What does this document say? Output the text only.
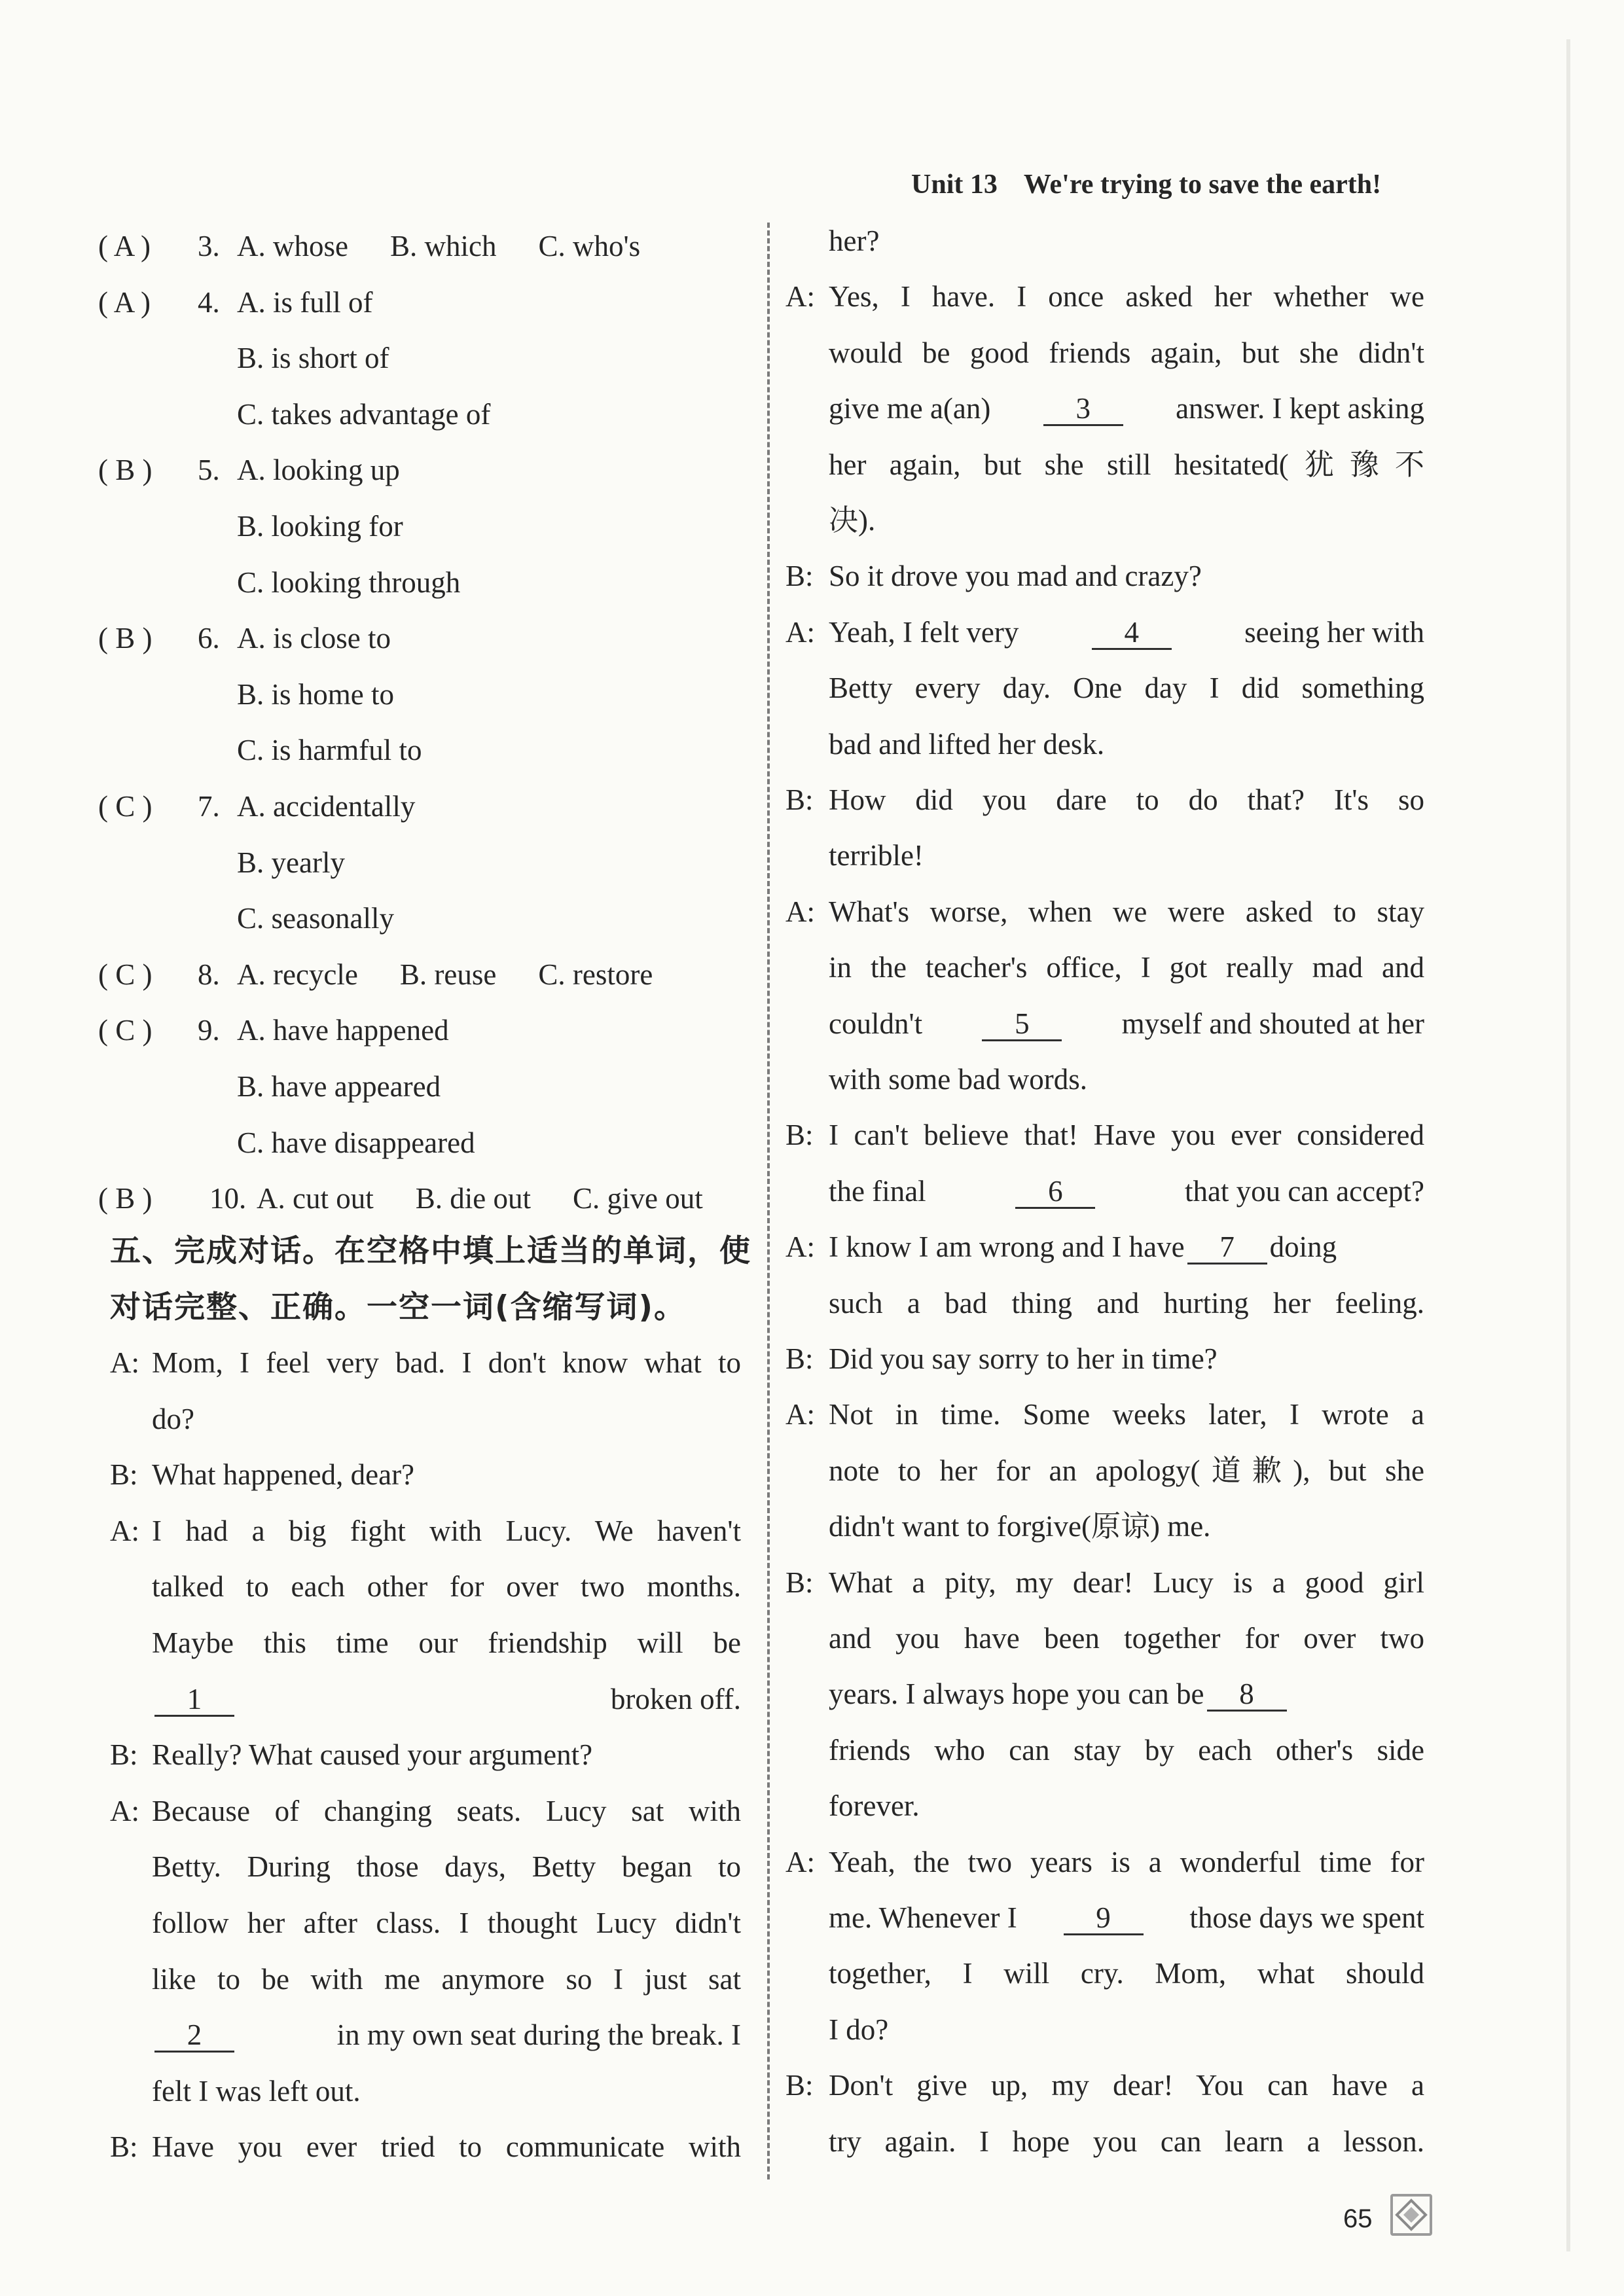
Unit 13 We're trying to save the earth!
( A ) 3. A. whose B. which C. who's
( A ) 4. A. is full of
B. is short of
C. takes advantage of
( B ) 5. A. looking up
B. looking for
C. looking through
( B ) 6. A. is close to
B. is home to
C. is harmful to
( C ) 7. A. accidentally
B. yearly
C. seasonally
( C ) 8. A. recycle B. reuse C. restore
( C ) 9. A. have happened
B. have appeared
C. have disappeared
( B ) 10. A. cut out B. die out C. give out
五、完成对话。在空格中填上适当的单词，使
对话完整、正确。一空一词(含缩写词)。
A: Mom, I feel very bad. I don't know what to
do?
B: What happened, dear?
A: I had a big fight with Lucy. We haven't
talked to each other for over two months.
Maybe this time our friendship will be
1	broken off.
B: Really? What caused your argument?
A: Because of changing seats. Lucy sat with
Betty. During those days, Betty began to
follow her after class. I thought Lucy didn't
like to be with me anymore so I just sat
2	in my own seat during the break. I
felt I was left out.
B: Have you ever tried to communicate with
her?
A: Yes, I have. I once asked her whether we
would be good friends again, but she didn't
give me a(an)	3	answer. I kept asking
her again, but she still hesitated(犹豫不
决).
B: So it drove you mad and crazy?
A: Yeah, I felt very	4	seeing her with
Betty every day. One day I did something
bad and lifted her desk.
B: How did you dare to do that? It's so
terrible!
A: What's worse, when we were asked to stay
in the teacher's office, I got really mad and
couldn't	5	myself and shouted at her
with some bad words.
B: I can't believe that! Have you ever considered
the final	6	that you can accept?
A: I know I am wrong and I have	7	doing
such a bad thing and hurting her feeling.
B: Did you say sorry to her in time?
A: Not in time. Some weeks later, I wrote a
note to her for an apology(道歉), but she
didn't want to forgive(原谅) me.
B: What a pity, my dear! Lucy is a good girl
and you have been together for over two
years. I always hope you can be	8
friends who can stay by each other's side
forever.
A: Yeah, the two years is a wonderful time for
me. Whenever I	9	those days we spent
together, I will cry. Mom, what should
I do?
B: Don't give up, my dear! You can have a
try again. I hope you can learn a lesson.
65
